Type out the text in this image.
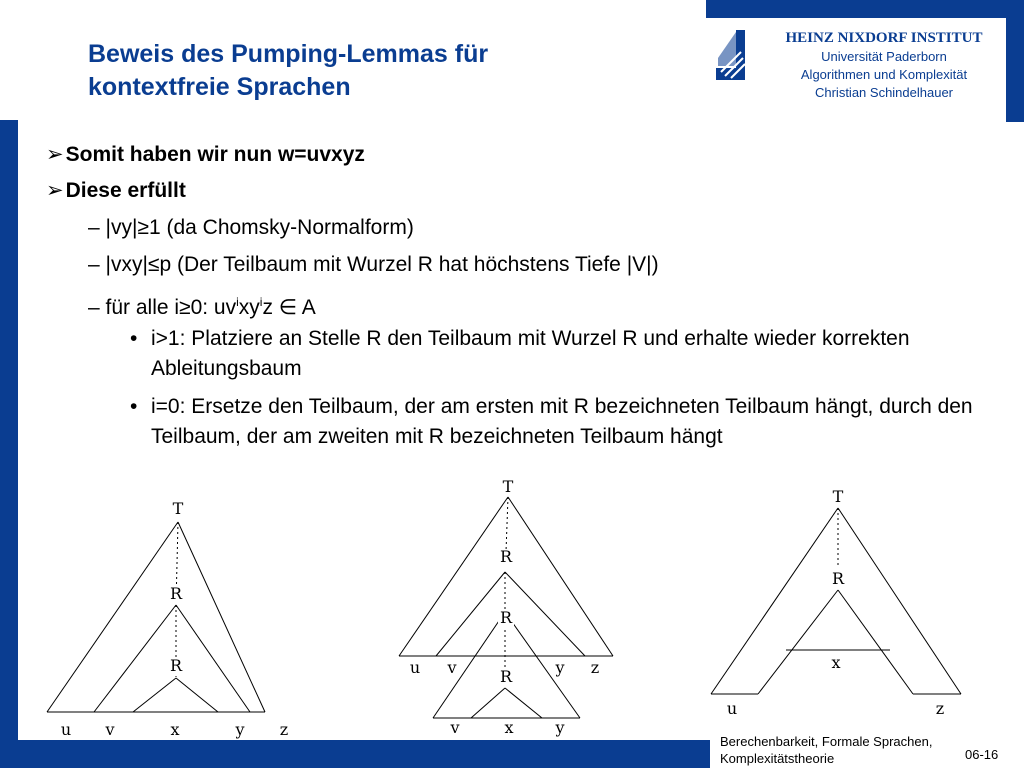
Beweis des Pumping-Lemmas für
kontextfreie Sprachen
HEINZ NIXDORF INSTITUT
Universität Paderborn
Algorithmen und Komplexität
Christian Schindelhauer
➢Somit haben wir nun w=uvxyz
➢Diese erfüllt
– |vy|≥1 (da Chomsky-Normalform)
– |vxy|≤p (Der Teilbaum mit Wurzel R hat höchstens Tiefe |V|)
– für alle i≥0: $uv^ixy^iz$ ∈ A
• i>1: Platziere an Stelle R den Teilbaum mit Wurzel R und erhalte wieder korrekten Ableitungsbaum
• i=0: Ersetze den Teilbaum, der am ersten mit R bezeichneten Teilbaum hängt, durch den Teilbaum, der am zweiten mit R bezeichneten Teilbaum hängt
T
R
R
u v	x	y z
T
R
R
R
u v	y z
v	x	y
T
R
x
u	z
Berechenbarkeit, Formale Sprachen,
Komplexitätstheorie	06-16
